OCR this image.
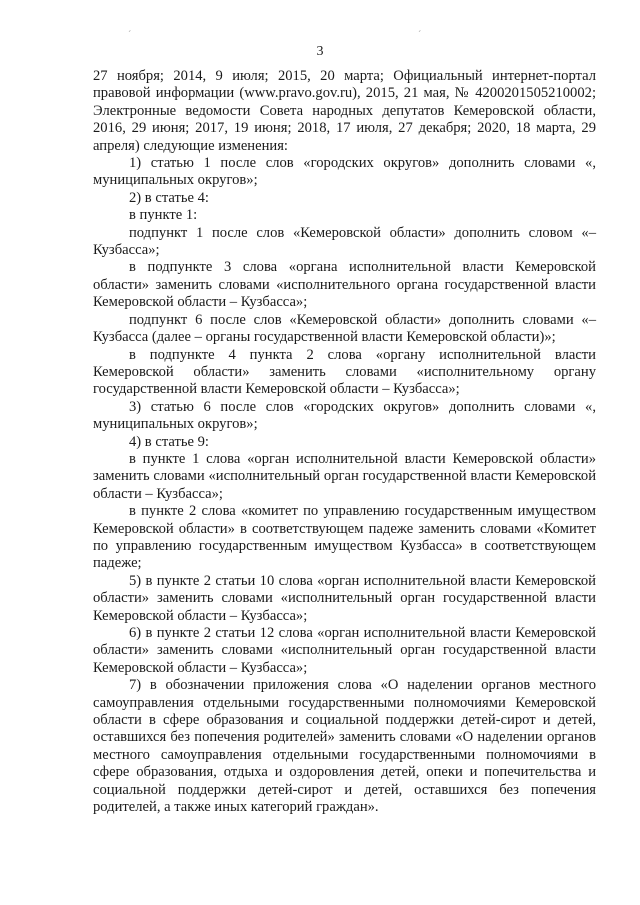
ˊ	ˊ
3

27 ноября; 2014, 9 июля; 2015, 20 марта; Официальный интернет-портал правовой информации (www.pravo.gov.ru), 2015, 21 мая, № 4200201505210002; Электронные ведомости Совета народных депутатов Кемеровской области, 2016, 29 июня; 2017, 19 июня; 2018, 17 июля, 27 декабря; 2020, 18 марта, 29 апреля) следующие изменения:

1) статью 1 после слов «городских округов» дополнить словами «, муниципальных округов»;

2) в статье 4:

в пункте 1:

подпункт 1 после слов «Кемеровской области» дополнить словом «– Кузбасса»;

в подпункте 3 слова «органа исполнительной власти Кемеровской области» заменить словами «исполнительного органа государственной власти Кемеровской области – Кузбасса»;

подпункт 6 после слов «Кемеровской области» дополнить словами «– Кузбасса (далее – органы государственной власти Кемеровской области)»;

в подпункте 4 пункта 2 слова «органу исполнительной власти Кемеровской области» заменить словами «исполнительному органу государственной власти Кемеровской области – Кузбасса»;

3) статью 6 после слов «городских округов» дополнить словами «, муниципальных округов»;

4) в статье 9:

в пункте 1 слова «орган исполнительной власти Кемеровской области» заменить словами «исполнительный орган государственной власти Кемеровской области – Кузбасса»;

в пункте 2 слова «комитет по управлению государственным имуществом Кемеровской области» в соответствующем падеже заменить словами «Комитет по управлению государственным имуществом Кузбасса» в соответствующем падеже;

5) в пункте 2 статьи 10 слова «орган исполнительной власти Кемеровской области» заменить словами «исполнительный орган государственной власти Кемеровской области – Кузбасса»;

6) в пункте 2 статьи 12 слова «орган исполнительной власти Кемеровской области» заменить словами «исполнительный орган государственной власти Кемеровской области – Кузбасса»;

7) в обозначении приложения слова «О наделении органов местного самоуправления отдельными государственными полномочиями Кемеровской области в сфере образования и социальной поддержки детей-сирот и детей, оставшихся без попечения родителей» заменить словами «О наделении органов местного самоуправления отдельными государственными полномочиями в сфере образования, отдыха и оздоровления детей, опеки и попечительства и социальной поддержки детей-сирот и детей, оставшихся без попечения родителей, а также иных категорий граждан».
